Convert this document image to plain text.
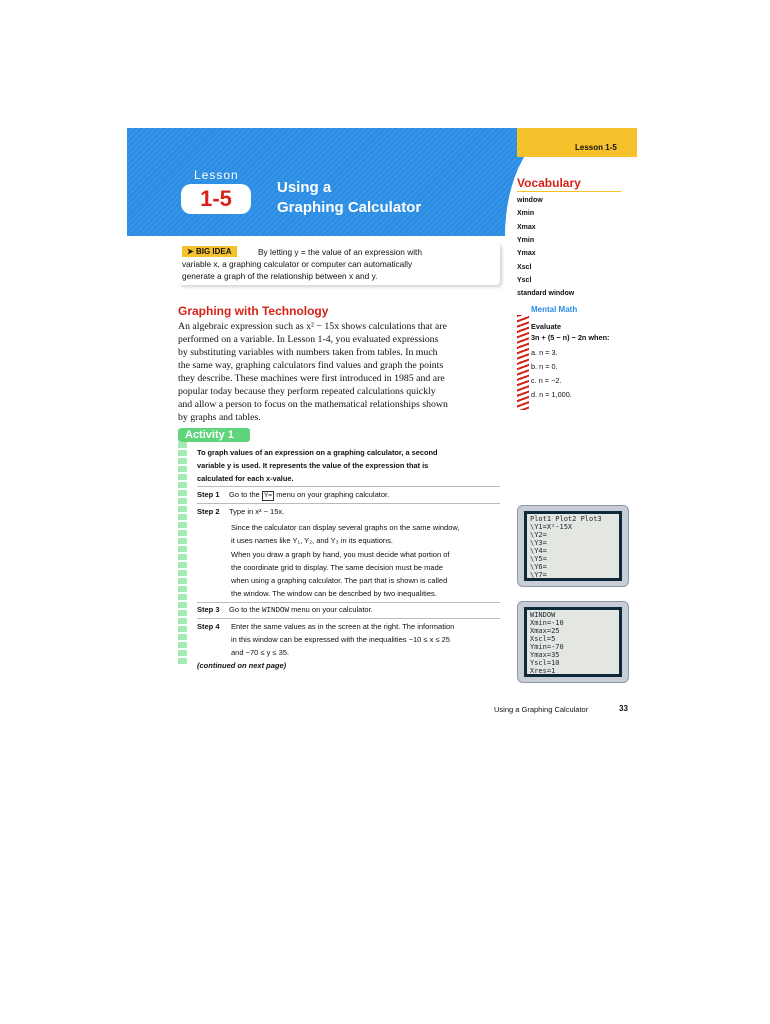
Lesson 1-5
Lesson
1-5	Using a
Graphing Calculator
➤ BIG IDEA	By letting y = the value of an expression with
variable x, a graphing calculator or computer can automatically
generate a graph of the relationship between x and y.
Vocabulary
window
Xmin
Xmax
Ymin
Ymax
Xscl
Yscl
standard window
Mental Math
Evaluate
3n + (5 − n) − 2n when:
a. n = 3.
b. n = 0.
c. n = −2.
d. n = 1,000.
Graphing with Technology
An algebraic expression such as x² − 15x shows calculations that are
performed on a variable. In Lesson 1-4, you evaluated expressions
by substituting variables with numbers taken from tables. In much
the same way, graphing calculators find values and graph the points
they describe. These machines were first introduced in 1985 and are
popular today because they perform repeated calculations quickly
and allow a person to focus on the mathematical relationships shown
by graphs and tables.
Activity 1
To graph values of an expression on a graphing calculator, a second
variable y is used. It represents the value of the expression that is
calculated for each x-value.
Step 1 Go to the Y= menu on your graphing calculator.
Step 2 Type in x² − 15x.
Since the calculator can display several graphs on the same window,
it uses names like Y₁, Y₂, and Y₃ in its equations.
When you draw a graph by hand, you must decide what portion of
the coordinate grid to display. The same decision must be made
when using a graphing calculator. The part that is shown is called
the window. The window can be described by two inequalities.
Step 3 Go to the WINDOW menu on your calculator.
Step 4 Enter the same values as in the screen at the right. The information
in this window can be expressed with the inequalities −10 ≤ x ≤ 25
and −70 ≤ y ≤ 35.
(continued on next page)
Plot1 Plot2 Plot3
\Y1=X²-15X
\Y2=
\Y3=
\Y4=
\Y5=
\Y6=
\Y7=
WINDOW
Xmin=-10
Xmax=25
Xscl=5
Ymin=-70
Ymax=35
Yscl=10
Xres=1
Using a Graphing Calculator	33
